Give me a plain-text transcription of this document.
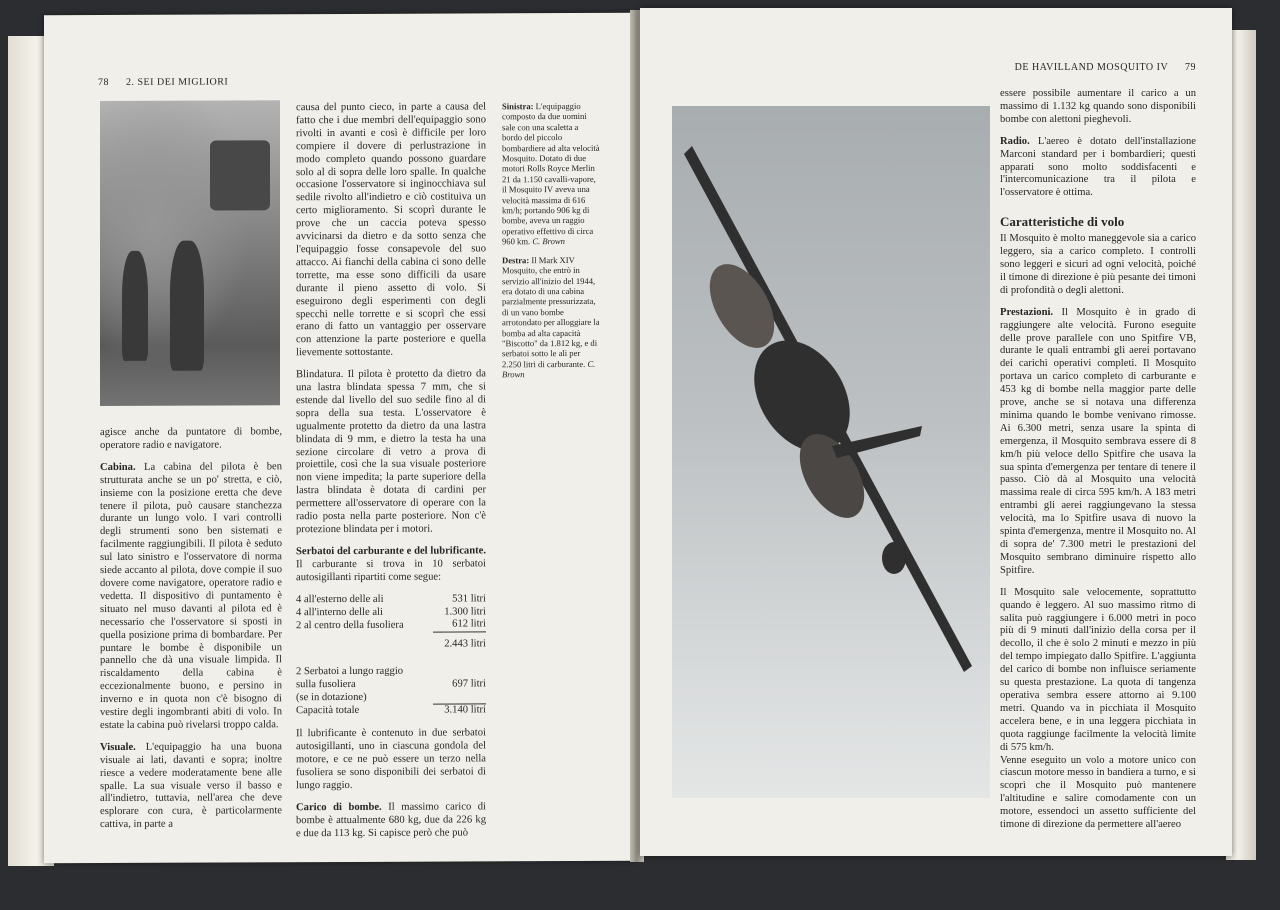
78 2. SEI DEI MIGLIORI

agisce anche da puntatore di bombe, operatore radio e navigatore.

Cabina. La cabina del pilota è ben strutturata anche se un po' stretta, e ciò, insieme con la posizione eretta che deve tenere il pilota, può causare stanchezza durante un lungo volo. I vari controlli degli strumenti sono ben sistemati e facilmente raggiungibili. Il pilota è seduto sul lato sinistro e l'osservatore di norma siede accanto al pilota, dove compie il suo dovere come navigatore, operatore radio e vedetta. Il dispositivo di puntamento è situato nel muso davanti al pilota ed è necessario che l'osservatore si sposti in quella posizione prima di bombardare. Per puntare le bombe è disponibile un pannello che dà una visuale limpida. Il riscaldamento della cabina è eccezionalmente buono, e persino in inverno e in quota non c'è bisogno di vestire degli ingombranti abiti di volo. In estate la cabina può rivelarsi troppo calda.

Visuale. L'equipaggio ha una buona visuale ai lati, davanti e sopra; inoltre riesce a vedere moderatamente bene alle spalle. La sua visuale verso il basso e all'indietro, tuttavia, nell'area che deve esplorare con cura, è particolarmente cattiva, in parte a

causa del punto cieco, in parte a causa del fatto che i due membri dell'equipaggio sono rivolti in avanti e così è difficile per loro compiere il dovere di perlustrazione in modo completo quando possono guardare solo al di sopra delle loro spalle. In qualche occasione l'osservatore si inginocchiava sul sedile rivolto all'indietro e ciò costituiva un certo miglioramento. Si scoprì durante le prove che un caccia poteva spesso avvicinarsi da dietro e da sotto senza che l'equipaggio fosse consapevole del suo attacco. Ai fianchi della cabina ci sono delle torrette, ma esse sono difficili da usare durante il pieno assetto di volo. Si eseguirono degli esperimenti con degli specchi nelle torrette e si scoprì che essi erano di fatto un vantaggio per osservare con attenzione la parte posteriore e quella lievemente sottostante.

Blindatura. Il pilota è protetto da dietro da una lastra blindata spessa 7 mm, che si estende dal livello del suo sedile fino al di sopra della sua testa. L'osservatore è ugualmente protetto da dietro da una lastra blindata di 9 mm, e dietro la testa ha una sezione circolare di vetro a prova di proiettile, così che la sua visuale posteriore non viene impedita; la parte superiore della lastra blindata è dotata di cardini per permettere all'osservatore di operare con la radio posta nella parte posteriore. Non c'è protezione blindata per i motori.

Serbatoi del carburante e del lubrificante. Il carburante si trova in 10 serbatoi autosigillanti ripartiti come segue:

4 all'esterno delle ali	531 litri
4 all'interno delle ali	1.300 litri
2 al centro della fusoliera	612 litri
	2.443 litri
2 Serbatoi a lungo raggio	
sulla fusoliera	697 litri
(se in dotazione)	
Capacità totale	3.140 litri

Il lubrificante è contenuto in due serbatoi autosigillanti, uno in ciascuna gondola del motore, e ce ne può essere un terzo nella fusoliera se sono disponibili dei serbatoi di lungo raggio.

Carico di bombe. Il massimo carico di bombe è attualmente 680 kg, due da 226 kg e due da 113 kg. Si capisce però che può

Sinistra: L'equipaggio composto da due uomini sale con una scaletta a bordo del piccolo bombardiere ad alta velocità Mosquito. Dotato di due motori Rolls Royce Merlin 21 da 1.150 cavalli-vapore, il Mosquito IV aveva una velocità massima di 616 km/h; portando 906 kg di bombe, aveva un raggio operativo effettivo di circa 960 km. C. Brown

Destra: Il Mark XIV Mosquito, che entrò in servizio all'inizio del 1944, era dotato di una cabina parzialmente pressurizzata, di un vano bombe arrotondato per alloggiare la bomba ad alta capacità "Biscotto" da 1.812 kg, e di serbatoi sotto le ali per 2.250 litri di carburante. C. Brown

DE HAVILLAND MOSQUITO IV 79

essere possibile aumentare il carico a un massimo di 1.132 kg quando sono disponibili bombe con alettoni pieghevoli.

Radio. L'aereo è dotato dell'installazione Marconi standard per i bombardieri; questi apparati sono molto soddisfacenti e l'intercomunicazione tra il pilota e l'osservatore è ottima.

Caratteristiche di volo

Il Mosquito è molto maneggevole sia a carico leggero, sia a carico completo. I controlli sono leggeri e sicuri ad ogni velocità, poiché il timone di direzione è più pesante dei timoni di profondità o degli alettoni.

Prestazioni. Il Mosquito è in grado di raggiungere alte velocità. Furono eseguite delle prove parallele con uno Spitfire VB, durante le quali entrambi gli aerei portavano dei carichi operativi completi. Il Mosquito portava un carico completo di carburante e 453 kg di bombe nella maggior parte delle prove, anche se si notava una differenza minima quando le bombe venivano rimosse. Ai 6.300 metri, senza usare la spinta di emergenza, il Mosquito sembrava essere di 8 km/h più veloce dello Spitfire che usava la sua spinta d'emergenza per tentare di tenere il passo. Ciò dà al Mosquito una velocità massima reale di circa 595 km/h. A 183 metri entrambi gli aerei raggiungevano la stessa velocità, ma lo Spitfire usava di nuovo la spinta d'emergenza, mentre il Mosquito no. Al di sopra de' 7.300 metri le prestazioni del Mosquito sembrano diminuire rispetto allo Spitfire.

Il Mosquito sale velocemente, soprattutto quando è leggero. Al suo massimo ritmo di salita può raggiungere i 6.000 metri in poco più di 9 minuti dall'inizio della corsa per il decollo, il che è solo 2 minuti e mezzo in più del tempo impiegato dallo Spitfire. L'aggiunta del carico di bombe non influisce seriamente su questa prestazione. La quota di tangenza operativa sembra essere attorno ai 9.100 metri. Quando va in picchiata il Mosquito accelera bene, e in una leggera picchiata in quota raggiunge facilmente la velocità limite di 575 km/h.

Venne eseguito un volo a motore unico con ciascun motore messo in bandiera a turno, e si scoprì che il Mosquito può mantenere l'altitudine e salire comodamente con un motore, essendoci un assetto sufficiente del timone di direzione da permettere all'aereo
